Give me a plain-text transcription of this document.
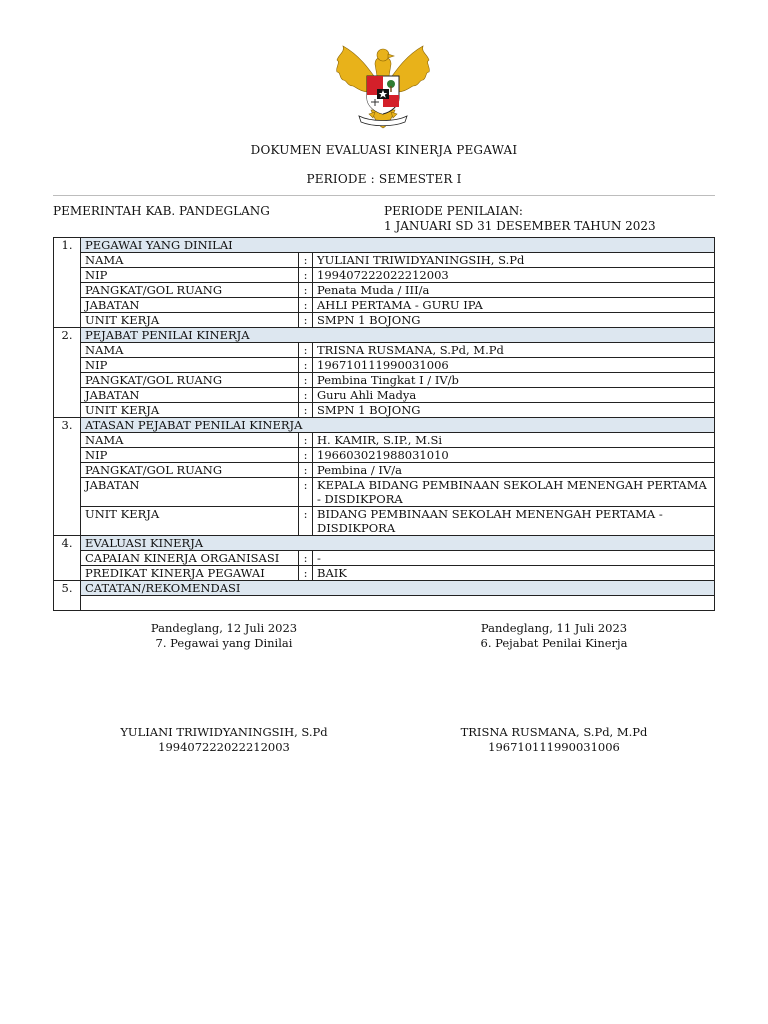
DOKUMEN EVALUASI KINERJA PEGAWAI
PERIODE : SEMESTER I
PEMERINTAH KAB. PANDEGLANG	PERIODE PENILAIAN:
1 JANUARI SD 31 DESEMBER TAHUN 2023
1.	PEGAWAI YANG DINILAI		
	NAMA	:	YULIANI TRIWIDYANINGSIH, S.Pd
	NIP	:	199407222022212003
	PANGKAT/GOL RUANG	:	Penata Muda / III/a
	JABATAN	:	AHLI PERTAMA - GURU IPA
	UNIT KERJA	:	SMPN 1 BOJONG
2.	PEJABAT PENILAI KINERJA		
	NAMA	:	TRISNA RUSMANA, S.Pd, M.Pd
	NIP	:	196710111990031006
	PANGKAT/GOL RUANG	:	Pembina Tingkat I / IV/b
	JABATAN	:	Guru Ahli Madya
	UNIT KERJA	:	SMPN 1 BOJONG
3.	ATASAN PEJABAT PENILAI KINERJA		
	NAMA	:	H. KAMIR, S.IP., M.Si
	NIP	:	196603021988031010
	PANGKAT/GOL RUANG	:	Pembina / IV/a
	JABATAN	:	KEPALA BIDANG PEMBINAAN SEKOLAH MENENGAH PERTAMA - DISDIKPORA
	UNIT KERJA	:	BIDANG PEMBINAAN SEKOLAH MENENGAH PERTAMA - DISDIKPORA
4.	EVALUASI KINERJA		
	CAPAIAN KINERJA ORGANISASI	:	-
	PREDIKAT KINERJA PEGAWAI	:	BAIK
5.	CATATAN/REKOMENDASI		

Pandeglang, 12 Juli 2023
7. Pegawai yang Dinilai
Pandeglang, 11 Juli 2023
6. Pejabat Penilai Kinerja
YULIANI TRIWIDYANINGSIH, S.Pd
199407222022212003
TRISNA RUSMANA, S.Pd, M.Pd
196710111990031006
